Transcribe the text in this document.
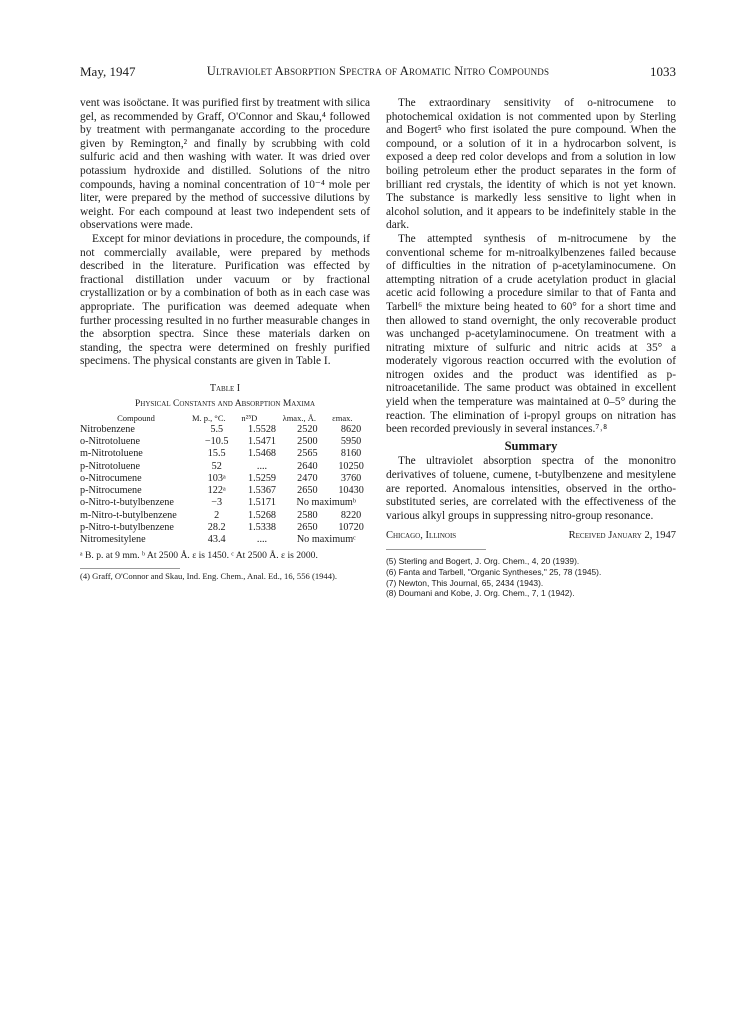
May, 1947	Ultraviolet Absorption Spectra of Aromatic Nitro Compounds	1033

vent was isoöctane. It was purified first by treatment with silica gel, as recommended by Graff, O'Connor and Skau,⁴ followed by treatment with permanganate according to the procedure given by Remington,² and finally by scrubbing with cold sulfuric acid and then washing with water. It was dried over potassium hydroxide and distilled. Solutions of the nitro compounds, having a nominal concentration of 10⁻⁴ mole per liter, were prepared by the method of successive dilutions by weight. For each compound at least two independent sets of observations were made.

Except for minor deviations in procedure, the compounds, if not commercially available, were prepared by methods described in the literature. Purification was effected by fractional distillation under vacuum or by fractional crystallization or by a combination of both as in each case was appropriate. The purification was deemed adequate when further processing resulted in no further measurable changes in the absorption spectra. Since these materials darken on standing, the spectra were determined on freshly purified specimens. The physical constants are given in Table I.

Table I
Physical Constants and Absorption Maxima
Compound	M. p., °C.	n²⁵D	λmax., Å.	εmax.
Nitrobenzene	5.5	1.5528	2520	8620
o-Nitrotoluene	−10.5	1.5471	2500	5950
m-Nitrotoluene	15.5	1.5468	2565	8160
p-Nitrotoluene	52	....	2640	10250
o-Nitrocumene	103ᵃ	1.5259	2470	3760
p-Nitrocumene	122ᵃ	1.5367	2650	10430
o-Nitro-t-butylbenzene	−3	1.5171	No maximumᵇ	
m-Nitro-t-butylbenzene	2	1.5268	2580	8220
p-Nitro-t-butylbenzene	28.2	1.5338	2650	10720
Nitromesitylene	43.4	....	No maximumᶜ	
ᵃ B. p. at 9 mm. ᵇ At 2500 Å. ε is 1450. ᶜ At 2500 Å. ε is 2000.
(4) Graff, O'Connor and Skau, Ind. Eng. Chem., Anal. Ed., 16, 556 (1944).

The extraordinary sensitivity of o-nitrocumene to photochemical oxidation is not commented upon by Sterling and Bogert⁵ who first isolated the pure compound. When the compound, or a solution of it in a hydrocarbon solvent, is exposed a deep red color develops and from a solution in low boiling petroleum ether the product separates in the form of brilliant red crystals, the identity of which is not yet known. The substance is markedly less sensitive to light when in alcohol solution, and it appears to be indefinitely stable in the dark.

The attempted synthesis of m-nitrocumene by the conventional scheme for m-nitroalkylbenzenes failed because of difficulties in the nitration of p-acetylaminocumene. On attempting nitration of a crude acetylation product in glacial acetic acid following a procedure similar to that of Fanta and Tarbell⁶ the mixture being heated to 60° for a short time and then allowed to stand overnight, the only recoverable product was unchanged p-acetylaminocumene. On treatment with a nitrating mixture of sulfuric and nitric acids at 35° a moderately vigorous reaction occurred with the evolution of nitrogen oxides and the product was identified as p-nitroacetanilide. The same product was obtained in excellent yield when the temperature was maintained at 0–5° during the reaction. The elimination of i-propyl groups on nitration has been recorded previously in several instances.⁷˒⁸

Summary

The ultraviolet absorption spectra of the mononitro derivatives of toluene, cumene, t-butylbenzene and mesitylene are reported. Anomalous intensities, observed in the ortho-substituted series, are correlated with the effectiveness of the various alkyl groups in suppressing nitro-group resonance.

Chicago, Illinois	Received January 2, 1947
(5) Sterling and Bogert, J. Org. Chem., 4, 20 (1939).
(6) Fanta and Tarbell, "Organic Syntheses," 25, 78 (1945).
(7) Newton, This Journal, 65, 2434 (1943).
(8) Doumani and Kobe, J. Org. Chem., 7, 1 (1942).
